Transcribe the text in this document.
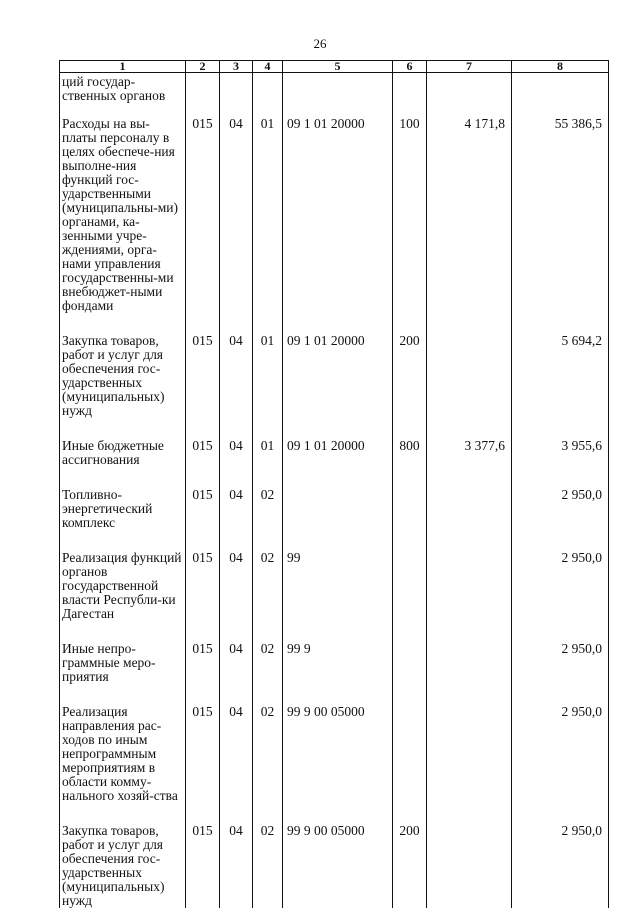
26
1	2	3	4	5	6	7	8
ций государ-ственных органов							
Расходы на вы-платы персоналу в целях обеспече-ния выполне-ния функций гос-ударственными (муниципальны-ми) органами, ка-зенными учре-ждениями, орга-нами управления государственны-ми внебюджет-ными фондами	015	04	01	09 1 01 20000	100	4 171,8	55 386,5
Закупка товаров, работ и услуг для обеспечения гос-ударственных (муниципальных) нужд	015	04	01	09 1 01 20000	200		5 694,2
Иные бюджетные ассигнования	015	04	01	09 1 01 20000	800	3 377,6	3 955,6
Топливно-энергетический комплекс	015	04	02				2 950,0
Реализация функций органов государственной власти Республи-ки Дагестан	015	04	02	99			2 950,0
Иные непро-граммные меро-приятия	015	04	02	99 9			2 950,0
Реализация направления рас-ходов по иным непрограммным мероприятиям в области комму-нального хозяй-ства	015	04	02	99 9 00 05000			2 950,0
Закупка товаров, работ и услуг для обеспечения гос-ударственных (муниципальных) нужд	015	04	02	99 9 00 05000	200		2 950,0
